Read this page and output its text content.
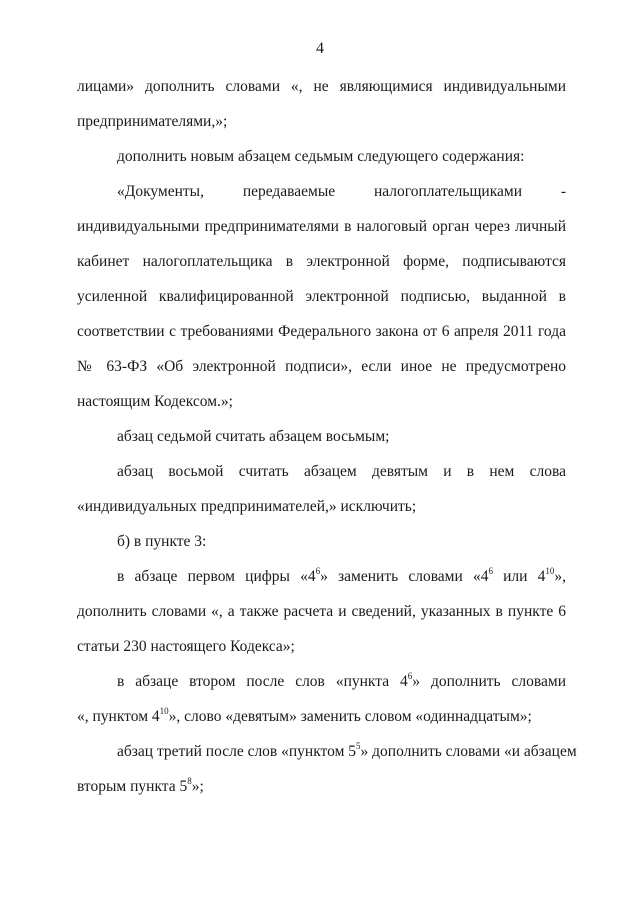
4
лицами» дополнить словами «, не являющимися индивидуальными
предпринимателями,»;
дополнить новым абзацем седьмым следующего содержания:
«Документы, передаваемые налогоплательщиками -
индивидуальными предпринимателями в налоговый орган через личный
кабинет налогоплательщика в электронной форме, подписываются
усиленной квалифицированной электронной подписью, выданной в
соответствии с требованиями Федерального закона от 6 апреля 2011 года
№ 63-ФЗ «Об электронной подписи», если иное не предусмотрено
настоящим Кодексом.»;
абзац седьмой считать абзацем восьмым;
абзац восьмой считать абзацем девятым и в нем слова
«индивидуальных предпринимателей,» исключить;
б) в пункте 3:
в абзаце первом цифры «$4^6$» заменить словами «$4^6$ или $4^{10}$»,
дополнить словами «, а также расчета и сведений, указанных в пункте 6
статьи 230 настоящего Кодекса»;
в абзаце втором после слов «пункта $4^6$» дополнить словами
«, пунктом $4^{10}$», слово «девятым» заменить словом «одиннадцатым»;
абзац третий после слов «пунктом $5^5$» дополнить словами «и абзацем
вторым пункта $5^8$»;
